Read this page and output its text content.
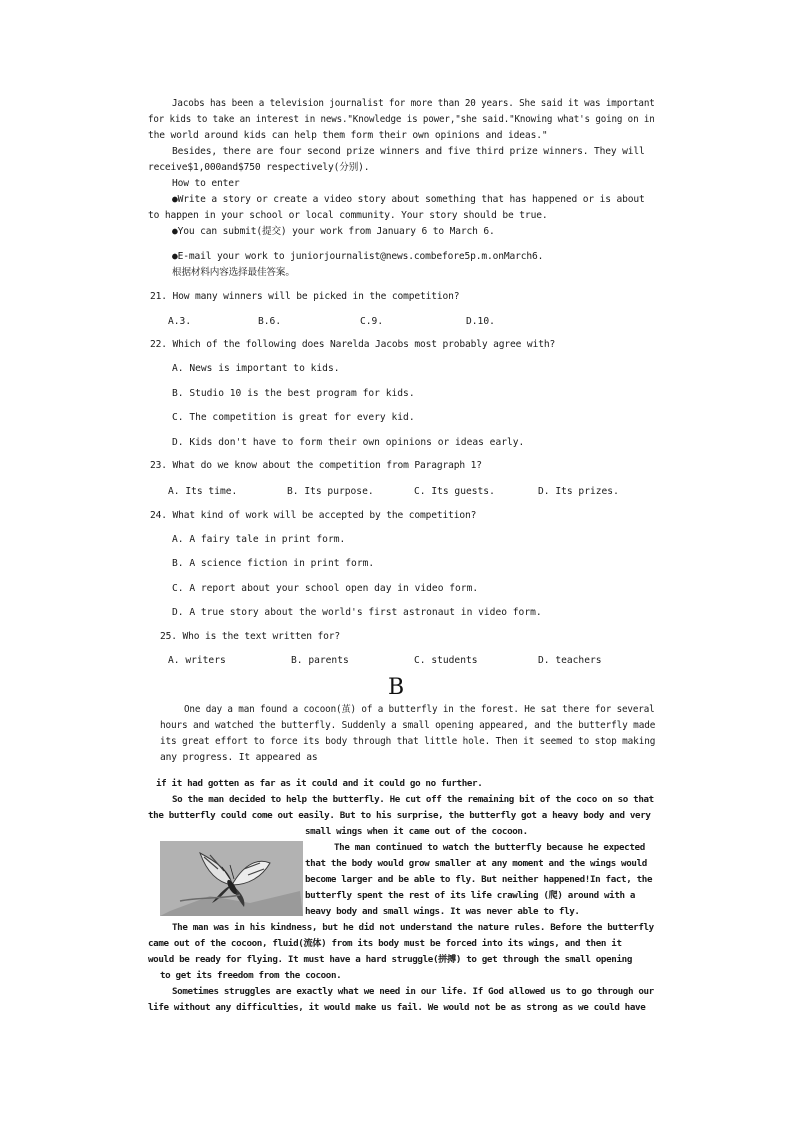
Jacobs has been a television journalist for more than 20 years. She said it was important
for kids to take an interest in news."Knowledge is power,"she said."Knowing what's going on in
the world around kids can help them form their own opinions and ideas."
Besides, there are four second prize winners and five third prize winners. They will
receive$1,000and$750 respectively(分别).
How to enter
●Write a story or create a video story about something that has happened or is about
to happen in your school or local community. Your story should be true.
●You can submit(提交) your work from January 6 to March 6.
●E-mail your work to juniorjournalist@news.combefore5p.m.onMarch6.
根据材料内容选择最佳答案。
21. How many winners will be picked in the competition?
A.3.	B.6.	C.9.	D.10.
22. Which of the following does Narelda Jacobs most probably agree with?
A. News is important to kids.
B. Studio 10 is the best program for kids.
C. The competition is great for every kid.
D. Kids don't have to form their own opinions or ideas early.
23. What do we know about the competition from Paragraph 1?
A. Its time.	B. Its purpose.	C. Its guests.	D. Its prizes.
24. What kind of work will be accepted by the competition?
A. A fairy tale in print form.
B. A science fiction in print form.
C. A report about your school open day in video form.
D. A true story about the world's first astronaut in video form.
25. Who is the text written for?
A. writers	B. parents	C. students	D. teachers
B
One day a man found a cocoon(茧) of a butterfly in the forest. He sat there for several
hours and watched the butterfly. Suddenly a small opening appeared, and the butterfly made
its great effort to force its body through that little hole. Then it seemed to stop making
any progress. It appeared as
if it had gotten as far as it could and it could go no further.
So the man decided to help the butterfly. He cut off the remaining bit of the coco on so that
the butterfly could come out easily. But to his surprise, the butterfly got a heavy body and very
small wings when it came out of the cocoon.
The man continued to watch the butterfly because he expected
that the body would grow smaller at any moment and the wings would
become larger and be able to fly. But neither happened!In fact, the
butterfly spent the rest of its life crawling (爬) around with a
heavy body and small wings. It was never able to fly.
The man was in his kindness, but he did not understand the nature rules. Before the butterfly
came out of the cocoon, fluid(流体) from its body must be forced into its wings, and then it
would be ready for flying. It must have a hard struggle(拼搏) to get through the small opening
to get its freedom from the cocoon.
Sometimes struggles are exactly what we need in our life. If God allowed us to go through our
life without any difficulties, it would make us fail. We would not be as strong as we could have
